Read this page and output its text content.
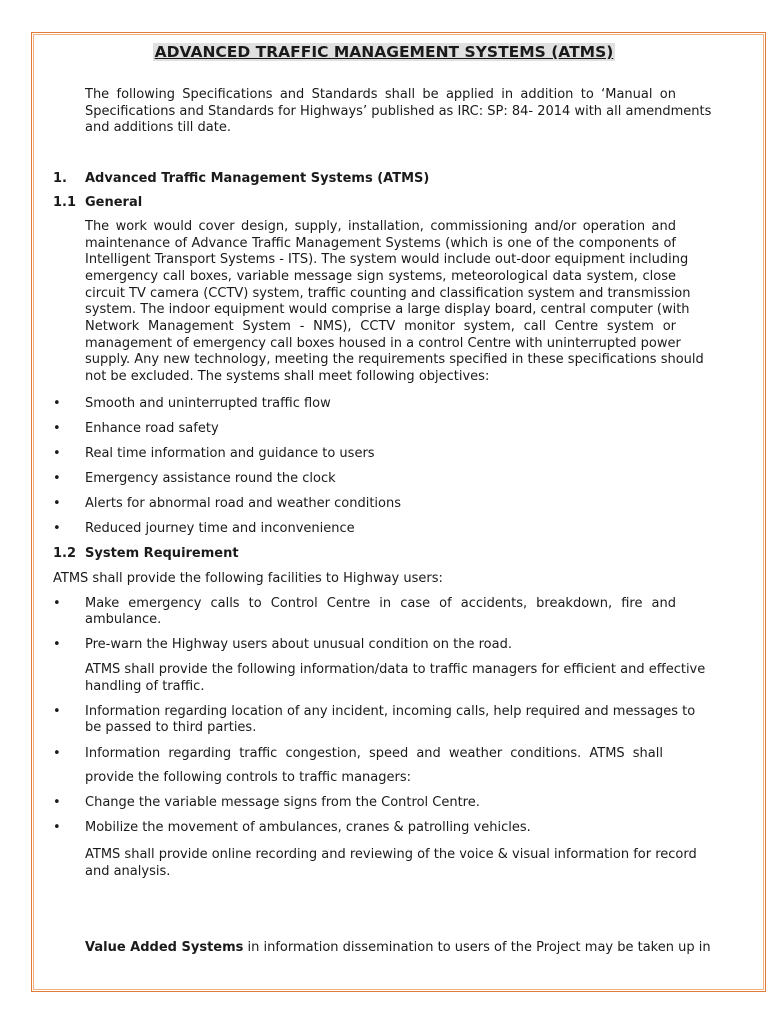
ADVANCED TRAFFIC MANAGEMENT SYSTEMS (ATMS)
The following Specifications and Standards shall be applied in addition to ‘Manual on
Specifications and Standards for Highways’ published as IRC: SP: 84- 2014 with all amendments
and additions till date.
1. Advanced Traffic Management Systems (ATMS)
1.1 General
The work would cover design, supply, installation, commissioning and/or operation and
maintenance of Advance Traffic Management Systems (which is one of the components of
Intelligent Transport Systems - ITS). The system would include out-door equipment including
emergency call boxes, variable message sign systems, meteorological data system, close
circuit TV camera (CCTV) system, traffic counting and classification system and transmission
system. The indoor equipment would comprise a large display board, central computer (with
Network Management System - NMS), CCTV monitor system, call Centre system or
management of emergency call boxes housed in a control Centre with uninterrupted power
supply. Any new technology, meeting the requirements specified in these specifications should
not be excluded. The systems shall meet following objectives:
• Smooth and uninterrupted traffic flow
• Enhance road safety
• Real time information and guidance to users
• Emergency assistance round the clock
• Alerts for abnormal road and weather conditions
• Reduced journey time and inconvenience
1.2 System Requirement
ATMS shall provide the following facilities to Highway users:
• Make emergency calls to Control Centre in case of accidents, breakdown, fire and
ambulance.
• Pre-warn the Highway users about unusual condition on the road.
ATMS shall provide the following information/data to traffic managers for efficient and effective
handling of traffic.
• Information regarding location of any incident, incoming calls, help required and messages to
be passed to third parties.
• Information regarding traffic congestion, speed and weather conditions. ATMS shall
provide the following controls to traffic managers:
• Change the variable message signs from the Control Centre.
• Mobilize the movement of ambulances, cranes & patrolling vehicles.
ATMS shall provide online recording and reviewing of the voice & visual information for record
and analysis.
Value Added Systems in information dissemination to users of the Project may be taken up in
